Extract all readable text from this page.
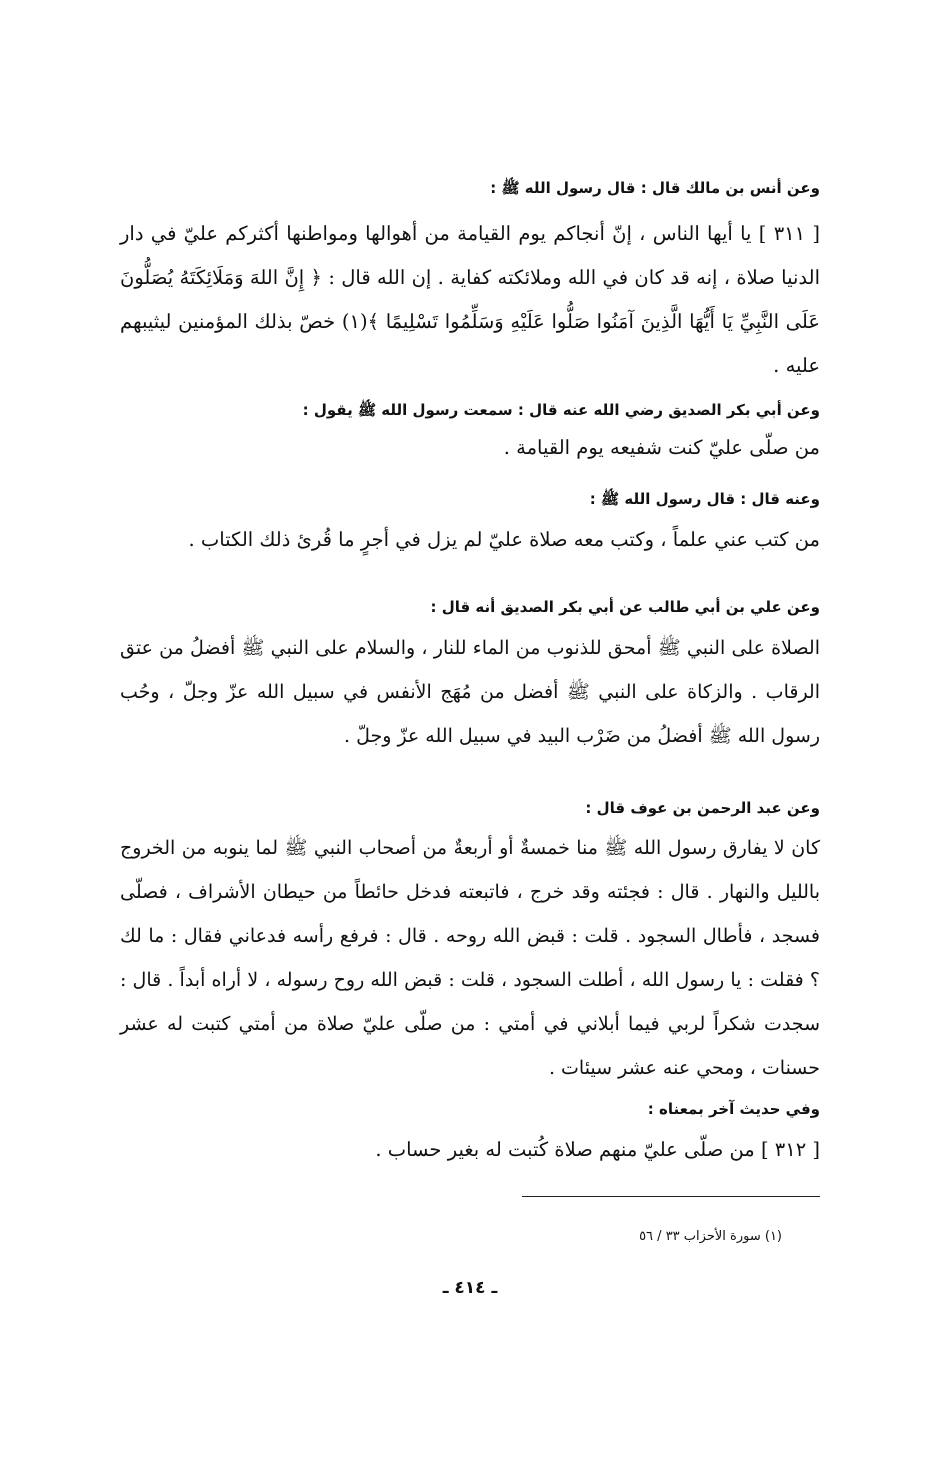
وعن أنس بن مالك قال : قال رسول الله ﷺ :
[ ٣١١ ] يا أيها الناس ، إنّ أنجاكم يوم القيامة من أهوالها ومواطنها أكثركم عليّ في دار الدنيا صلاة ، إنه قد كان في الله وملائكته كفاية . إن الله قال : ﴿ إِنَّ اللهَ وَمَلَائِكَتَهُ يُصَلُّونَ عَلَى النَّبِيِّ يَا أَيُّهَا الَّذِينَ آمَنُوا صَلُّوا عَلَيْهِ وَسَلِّمُوا تَسْلِيمًا ﴾(١) خصّ بذلك المؤمنين ليثيبهم عليه .
وعن أبي بكر الصديق رضي الله عنه قال : سمعت رسول الله ﷺ يقول :
من صلّى عليّ كنت شفيعه يوم القيامة .
وعنه قال : قال رسول الله ﷺ :
من كتب عني علماً ، وكتب معه صلاة عليّ لم يزل في أجرٍ ما قُرئ ذلك الكتاب .
وعن علي بن أبي طالب عن أبي بكر الصديق أنه قال :
الصلاة على النبي ﷺ أمحق للذنوب من الماء للنار ، والسلام على النبي ﷺ أفضلُ من عتق الرقاب . والزكاة على النبي ﷺ أفضل من مُهَج الأنفس في سبيل الله عزّ وجلّ ، وحُب رسول الله ﷺ أفضلُ من ضَرْب البيد في سبيل الله عزّ وجلّ .
وعن عبد الرحمن بن عوف قال :
كان لا يفارق رسول الله ﷺ منا خمسةٌ أو أربعةٌ من أصحاب النبي ﷺ لما ينوبه من الخروج بالليل والنهار . قال : فجئته وقد خرج ، فاتبعته فدخل حائطاً من حيطان الأشراف ، فصلّى فسجد ، فأطال السجود . قلت : قبض الله روحه . قال : فرفع رأسه فدعاني فقال : ما لك ؟ فقلت : يا رسول الله ، أطلت السجود ، قلت : قبض الله روح رسوله ، لا أراه أبداً . قال : سجدت شكراً لربي فيما أبلاني في أمتي : من صلّى عليّ صلاة من أمتي كتبت له عشر حسنات ، ومحي عنه عشر سيئات .
وفي حديث آخر بمعناه :
[ ٣١٢ ] من صلّى عليّ منهم صلاة كُتبت له بغير حساب .
(١) سورة الأحزاب ٣٣ / ٥٦
ـ ٤١٤ ـ
